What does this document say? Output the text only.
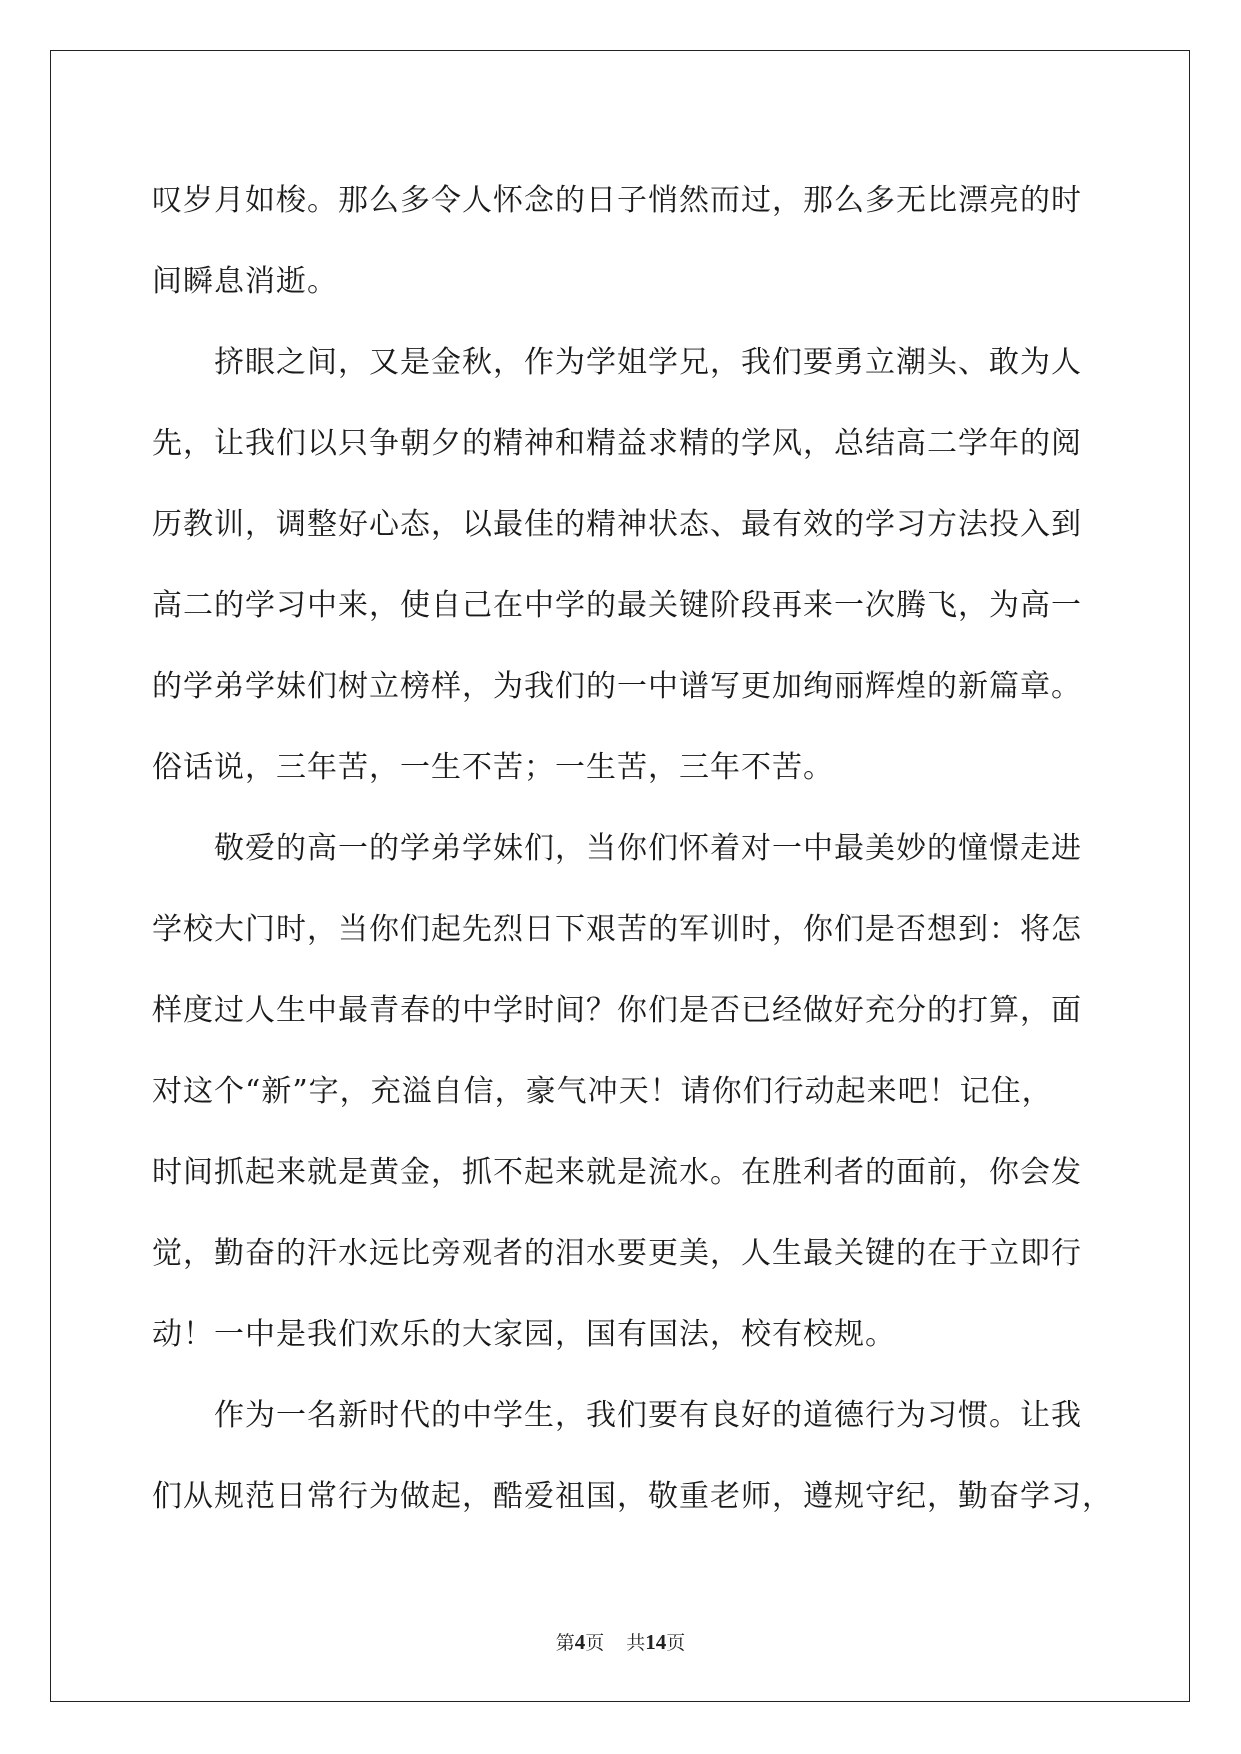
叹岁月如梭。那么多令人怀念的日子悄然而过，那么多无比漂亮的时
间瞬息消逝。
挤眼之间，又是金秋，作为学姐学兄，我们要勇立潮头、敢为人
先，让我们以只争朝夕的精神和精益求精的学风，总结高二学年的阅
历教训，调整好心态，以最佳的精神状态、最有效的学习方法投入到
高二的学习中来，使自己在中学的最关键阶段再来一次腾飞，为高一
的学弟学妹们树立榜样，为我们的一中谱写更加绚丽辉煌的新篇章。
俗话说，三年苦，一生不苦；一生苦，三年不苦。
敬爱的高一的学弟学妹们，当你们怀着对一中最美妙的憧憬走进
学校大门时，当你们起先烈日下艰苦的军训时，你们是否想到：将怎
样度过人生中最青春的中学时间？你们是否已经做好充分的打算，面
对这个“新”字，充溢自信，豪气冲天！请你们行动起来吧！记住，
时间抓起来就是黄金，抓不起来就是流水。在胜利者的面前，你会发
觉，勤奋的汗水远比旁观者的泪水要更美，人生最关键的在于立即行
动！一中是我们欢乐的大家园，国有国法，校有校规。
作为一名新时代的中学生，我们要有良好的道德行为习惯。让我
们从规范日常行为做起，酷爱祖国，敬重老师，遵规守纪，勤奋学习，
第4页 共14页
